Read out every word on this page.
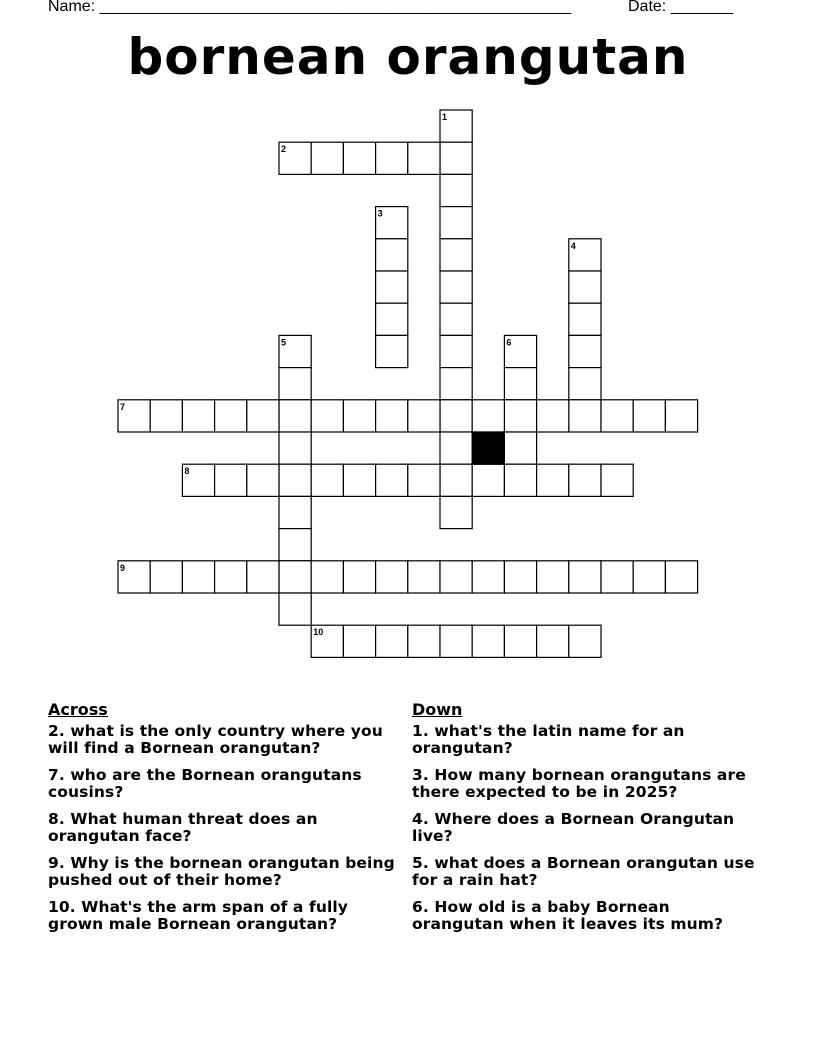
Name: _____________________________________________________	Date: _______
bornean orangutan
1
2
3
4
5	6
7
8
9
10
Across
2. what is the only country where you will find a Bornean orangutan?
7. who are the Bornean orangutans cousins?
8. What human threat does an orangutan face?
9. Why is the bornean orangutan being pushed out of their home?
10. What's the arm span of a fully grown male Bornean orangutan?
Down
1. what's the latin name for an orangutan?
3. How many bornean orangutans are there expected to be in 2025?
4. Where does a Bornean Orangutan live?
5. what does a Bornean orangutan use for a rain hat?
6. How old is a baby Bornean orangutan when it leaves its mum?
